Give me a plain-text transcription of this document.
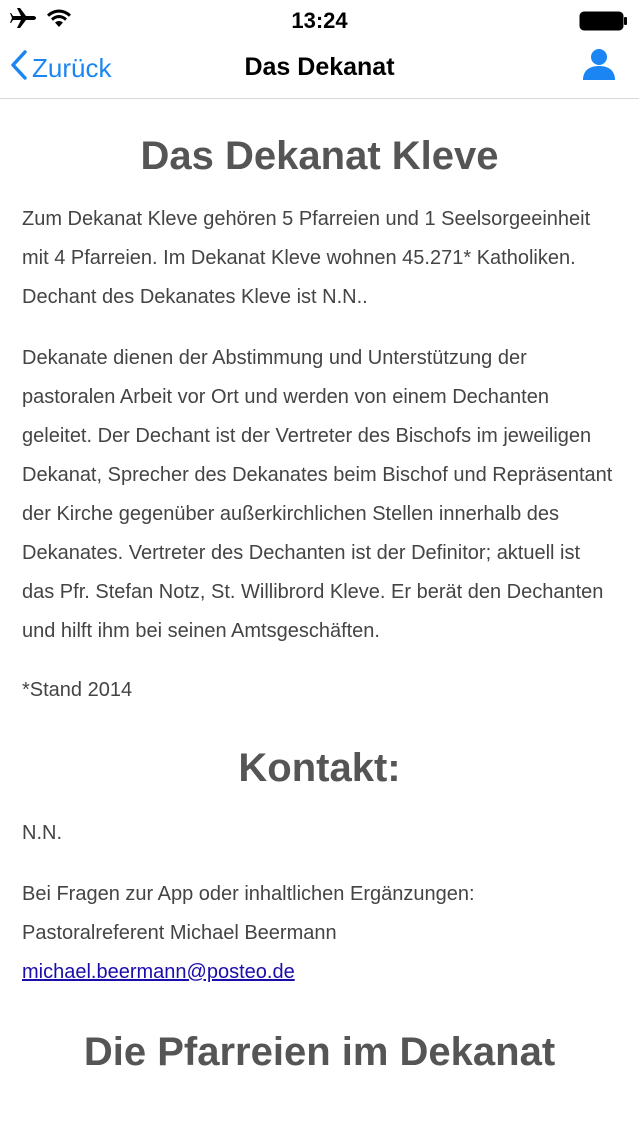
13:24
Zurück	Das Dekanat
Das Dekanat Kleve

Zum Dekanat Kleve gehören 5 Pfarreien und 1 Seelsorgeeinheit mit 4 Pfarreien. Im Dekanat Kleve wohnen 45.271* Katholiken. Dechant des Dekanates Kleve ist N.N..

Dekanate dienen der Abstimmung und Unterstützung der pastoralen Arbeit vor Ort und werden von einem Dechanten geleitet. Der Dechant ist der Vertreter des Bischofs im jeweiligen Dekanat, Sprecher des Dekanates beim Bischof und Repräsentant der Kirche gegenüber außerkirchlichen Stellen innerhalb des Dekanates. Vertreter des Dechanten ist der Definitor; aktuell ist das Pfr. Stefan Notz, St. Willibrord Kleve. Er berät den Dechanten und hilft ihm bei seinen Amtsgeschäften.

*Stand 2014

Kontakt:

N.N.

Bei Fragen zur App oder inhaltlichen Ergänzungen:
Pastoralreferent Michael Beermann
michael.beermann@posteo.de

Die Pfarreien im Dekanat
